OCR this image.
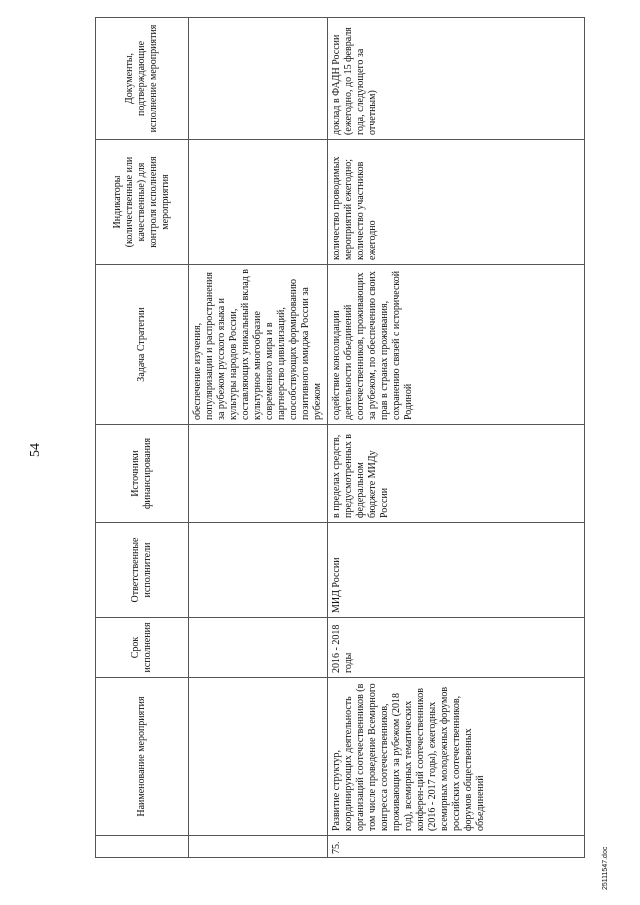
54
	Наименование мероприятия	Срок исполнения	Ответственные исполнители	Источники финансирования	Задача Стратегии	Индикаторы (количественные или качественные) для контроля исполнения мероприятия	Документы, подтверждающие исполнение мероприятия
					обеспечение изучения, популяризации и распространения за рубежом русского языка и культуры народов России, составляющих уникальный вклад в культурное многообразие современного мира и в партнерство цивилизаций, способствующих формированию позитивного имиджа России за рубежом		
75.	Развитие структур, координирующих деятельность организаций соотечественников (в том числе проведение Всемирного конгресса соотечественников, проживающих за рубежом (2018 год), всемирных тематических конферен-ций соотечественников (2016 - 2017 годы), ежегодных всемирных молодежных форумов российских соотечественников, форумов общественных объединений	2016 - 2018 годы	МИД России	в пределах средств, предусмотренных в федеральном бюджете МИДу России	содействие консолидации деятельности объединений соотечественников, проживающих за рубежом, по обеспечению своих прав в странах проживания, сохранению связей с исторической Родиной	количество проводимых мероприятий ежегодно; количество участников ежегодно	доклад в ФАДН России (ежегодно, до 15 февраля года, следующего за отчетным)
25111547.doc
